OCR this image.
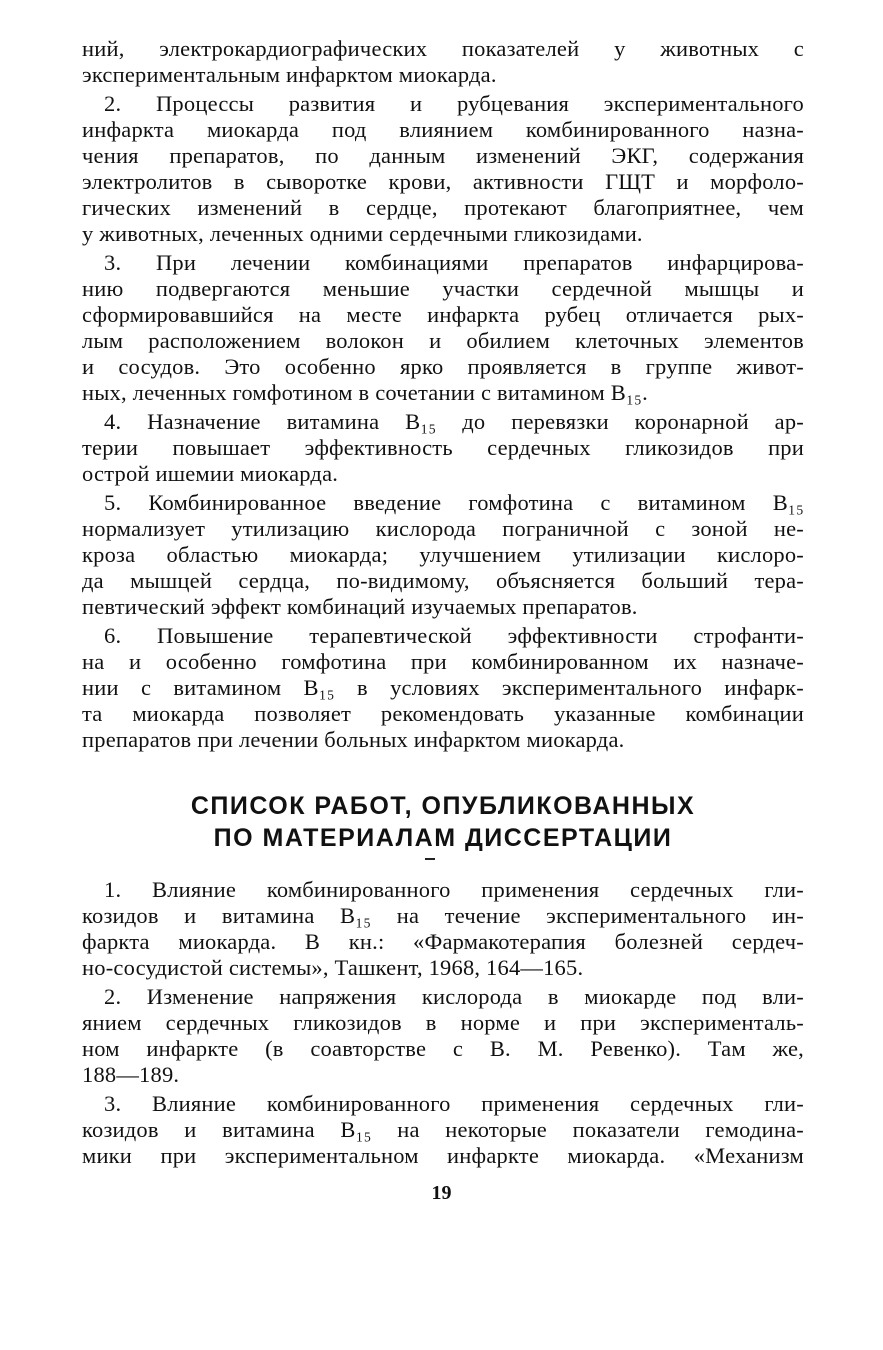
ний, электрокардиографических показателей у животных с
экспериментальным инфарктом миокарда.
2. Процессы развития и рубцевания экспериментального
инфаркта миокарда под влиянием комбинированного назна-
чения препаратов, по данным изменений ЭКГ, содержания
электролитов в сыворотке крови, активности ГЩТ и морфоло-
гических изменений в сердце, протекают благоприятнее, чем
у животных, леченных одними сердечными гликозидами.
3. При лечении комбинациями препаратов инфарцирова-
нию подвергаются меньшие участки сердечной мышцы и
сформировавшийся на месте инфаркта рубец отличается рых-
лым расположением волокон и обилием клеточных элементов
и сосудов. Это особенно ярко проявляется в группе живот-
ных, леченных гомфотином в сочетании с витамином В₁₅.
4. Назначение витамина В₁₅ до перевязки коронарной ар-
терии повышает эффективность сердечных гликозидов при
острой ишемии миокарда.
5. Комбинированное введение гомфотина с витамином В₁₅
нормализует утилизацию кислорода пограничной с зоной не-
кроза областью миокарда; улучшением утилизации кислоро-
да мышцей сердца, по-видимому, объясняется больший тера-
певтический эффект комбинаций изучаемых препаратов.
6. Повышение терапевтической эффективности строфанти-
на и особенно гомфотина при комбинированном их назначе-
нии с витамином В₁₅ в условиях экспериментального инфарк-
та миокарда позволяет рекомендовать указанные комбинации
препаратов при лечении больных инфарктом миокарда.
СПИСОК РАБОТ, ОПУБЛИКОВАННЫХ
ПО МАТЕРИАЛАМ ДИССЕРТАЦИИ
1. Влияние комбинированного применения сердечных гли-
козидов и витамина В₁₅ на течение экспериментального ин-
фаркта миокарда. В кн.: «Фармакотерапия болезней сердеч-
но-сосудистой системы», Ташкент, 1968, 164—165.
2. Изменение напряжения кислорода в миокарде под вли-
янием сердечных гликозидов в норме и при эксперименталь-
ном инфаркте (в соавторстве с В. М. Ревенко). Там же,
188—189.
3. Влияние комбинированного применения сердечных гли-
козидов и витамина В₁₅ на некоторые показатели гемодина-
мики при экспериментальном инфаркте миокарда. «Механизм
19
